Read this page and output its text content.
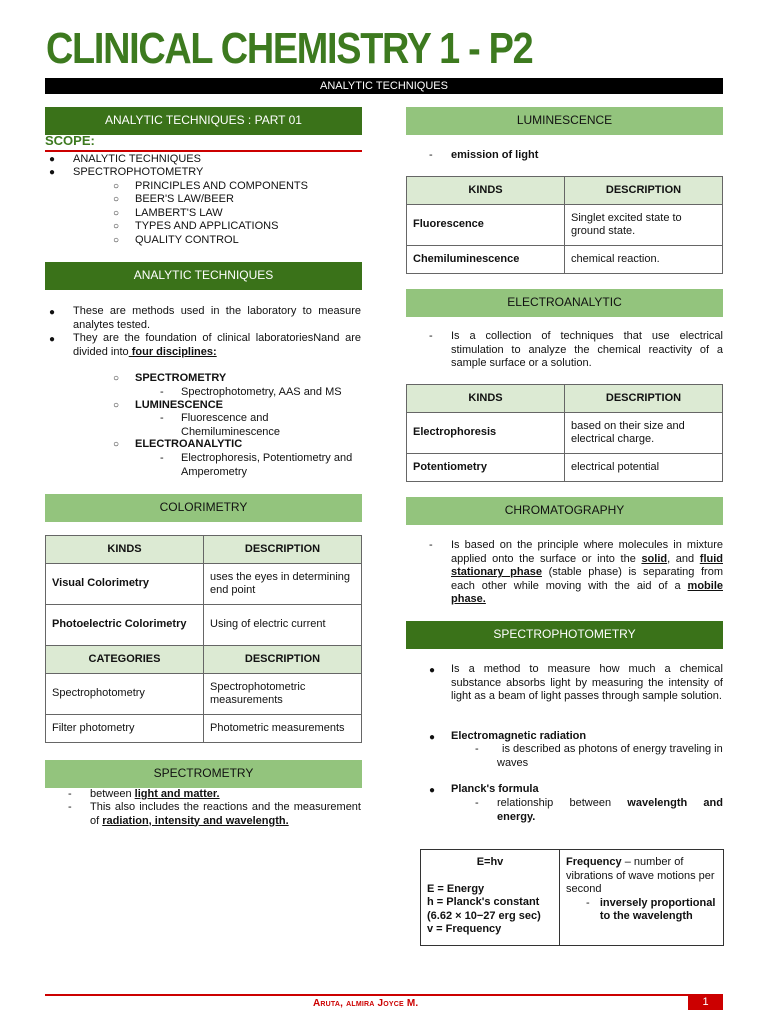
CLINICAL CHEMISTRY 1 - P2
ANALYTIC TECHNIQUES
ANALYTIC TECHNIQUES : PART 01
SCOPE:
● ANALYTIC TECHNIQUES
● SPECTROPHOTOMETRY
○ PRINCIPLES AND COMPONENTS
○ BEER'S LAW/BEER
○ LAMBERT'S LAW
○ TYPES AND APPLICATIONS
○ QUALITY CONTROL
ANALYTIC TECHNIQUES
● These are methods used in the laboratory to measure analytes tested.
● They are the foundation of clinical laboratoriesNand are divided into four disciplines:
○ SPECTROMETRY
- Spectrophotometry, AAS and MS
○ LUMINESCENCE
- Fluorescence and Chemiluminescence
○ ELECTROANALYTIC
- Electrophoresis, Potentiometry and Amperometry
COLORIMETRY
KINDS	DESCRIPTION
Visual Colorimetry	uses the eyes in determining end point
Photoelectric Colorimetry	Using of electric current
CATEGORIES	DESCRIPTION
Spectrophotometry	Spectrophotometric measurements
Filter photometry	Photometric measurements
SPECTROMETRY
- between light and matter.
- This also includes the reactions and the measurement of radiation, intensity and wavelength.
LUMINESCENCE
- emission of light
KINDS	DESCRIPTION
Fluorescence	Singlet excited state to ground state.
Chemiluminescence	chemical reaction.
ELECTROANALYTIC
- Is a collection of techniques that use electrical stimulation to analyze the chemical reactivity of a sample surface or a solution.
KINDS	DESCRIPTION
Electrophoresis	based on their size and electrical charge.
Potentiometry	electrical potential
CHROMATOGRAPHY
- Is based on the principle where molecules in mixture applied onto the surface or into the solid, and fluid stationary phase (stable phase) is separating from each other while moving with the aid of a mobile phase.
SPECTROPHOTOMETRY
● Is a method to measure how much a chemical substance absorbs light by measuring the intensity of light as a beam of light passes through sample solution.
● Electromagnetic radiation
-	is described as photons of energy traveling in waves
● Planck's formula
- relationship between wavelength and energy.
E=hv
E = Energy
h = Planck's constant
(6.62 × 10−27 erg sec)
v = Frequency
Frequency – number of vibrations of wave motions per second
- inversely proportional to the wavelength
Aruta, almira Joyce M.	1
